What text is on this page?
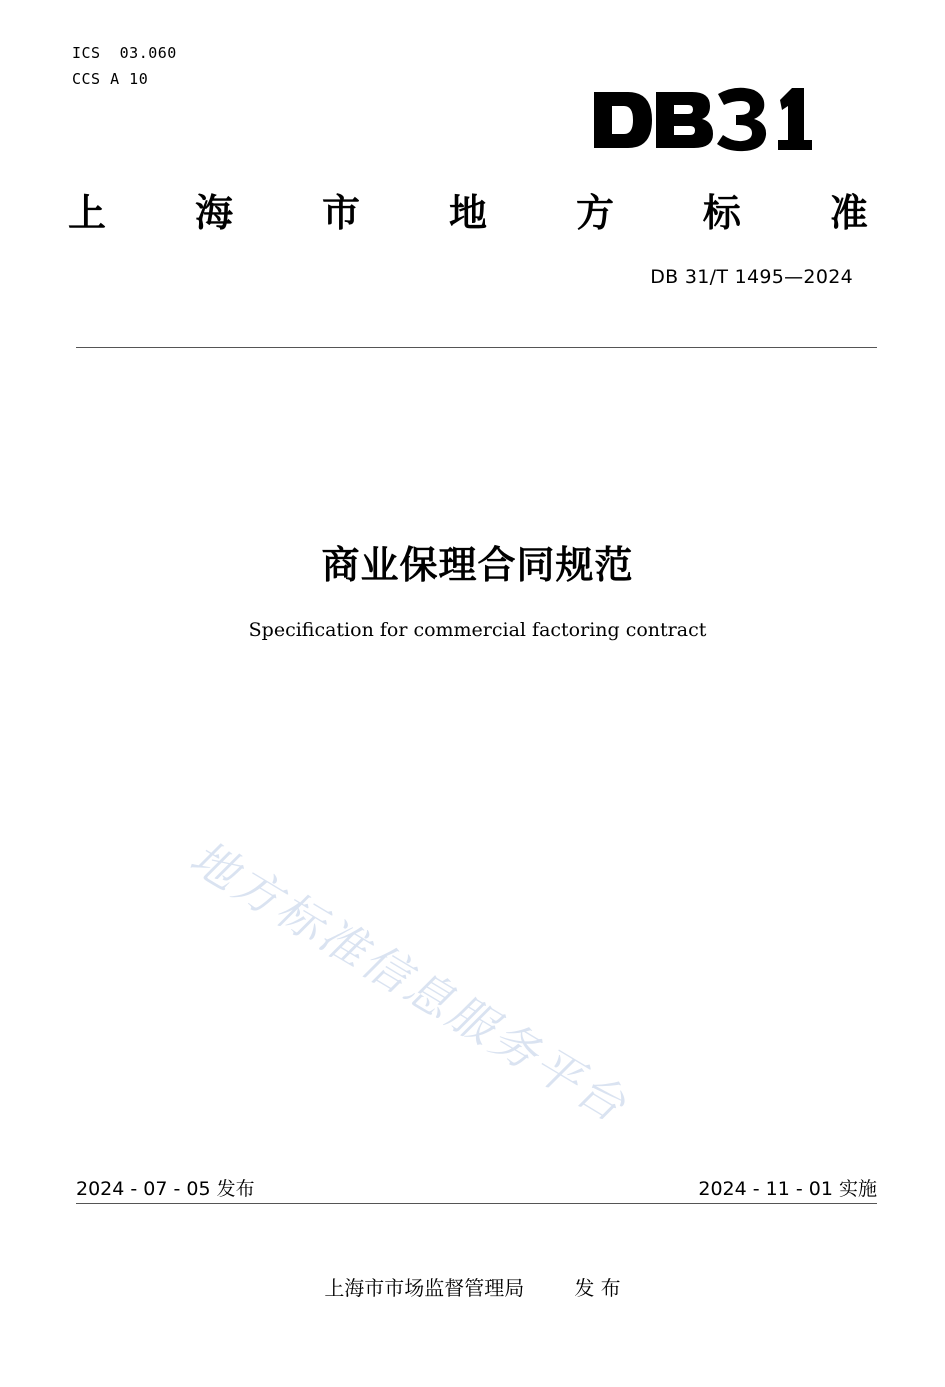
ICS  03.060
CCS A 10
上 海 市 地 方 标 准
DB 31/T 1495—2024
商业保理合同规范
Specification for commercial factoring contract
地方标准信息服务平台
2024 - 07 - 05 发布	2024 - 11 - 01 实施
上海市市场监督管理局	发 布
